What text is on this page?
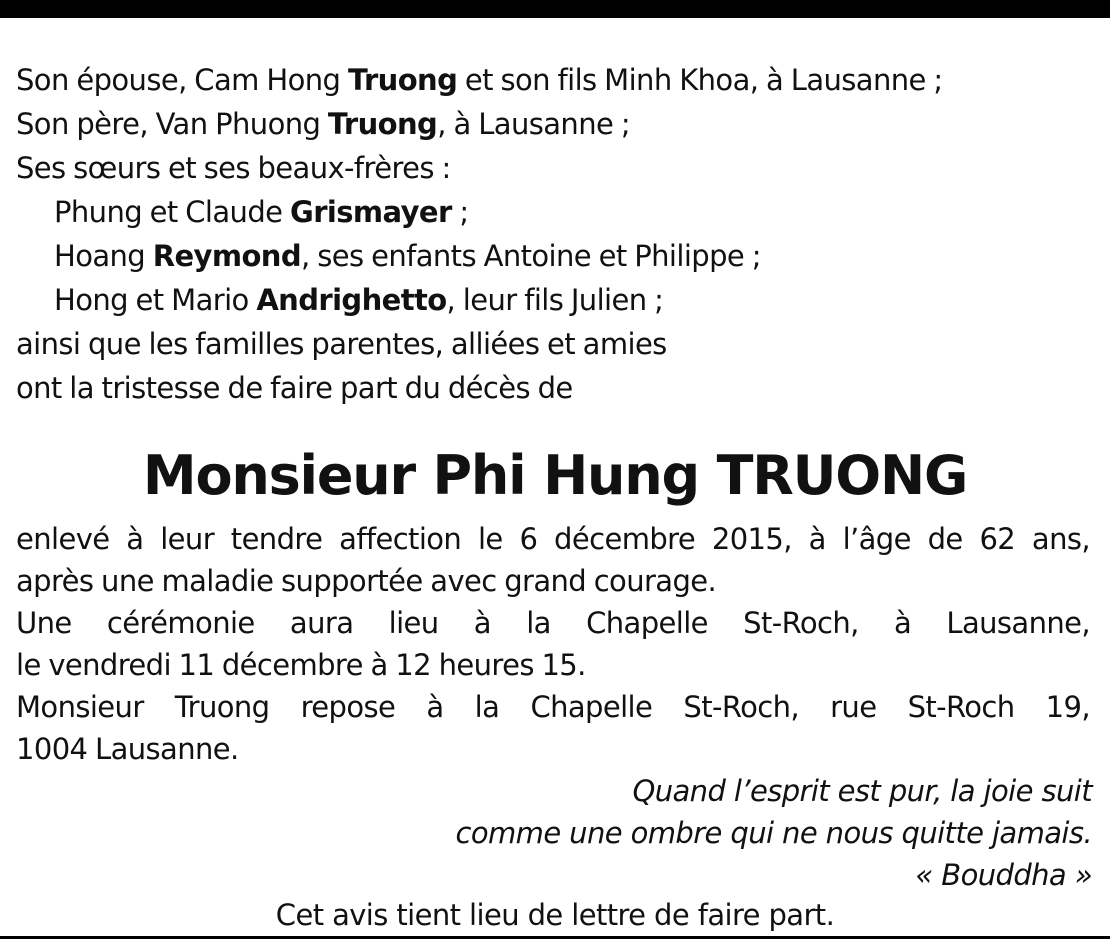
Son épouse, Cam Hong Truong et son fils Minh Khoa, à Lausanne ;
Son père, Van Phuong Truong, à Lausanne ;
Ses sœurs et ses beaux-frères :
Phung et Claude Grismayer ;
Hoang Reymond, ses enfants Antoine et Philippe ;
Hong et Mario Andrighetto, leur fils Julien ;
ainsi que les familles parentes, alliées et amies
ont la tristesse de faire part du décès de
Monsieur Phi Hung TRUONG
enlevé à leur tendre affection le 6 décembre 2015, à l’âge de 62 ans,
après une maladie supportée avec grand courage.
Une cérémonie aura lieu à la Chapelle St-Roch, à Lausanne,
le vendredi 11 décembre à 12 heures 15.
Monsieur Truong repose à la Chapelle St-Roch, rue St-Roch 19,
1004 Lausanne.
Quand l’esprit est pur, la joie suit
comme une ombre qui ne nous quitte jamais.
« Bouddha »
Cet avis tient lieu de lettre de faire part.
